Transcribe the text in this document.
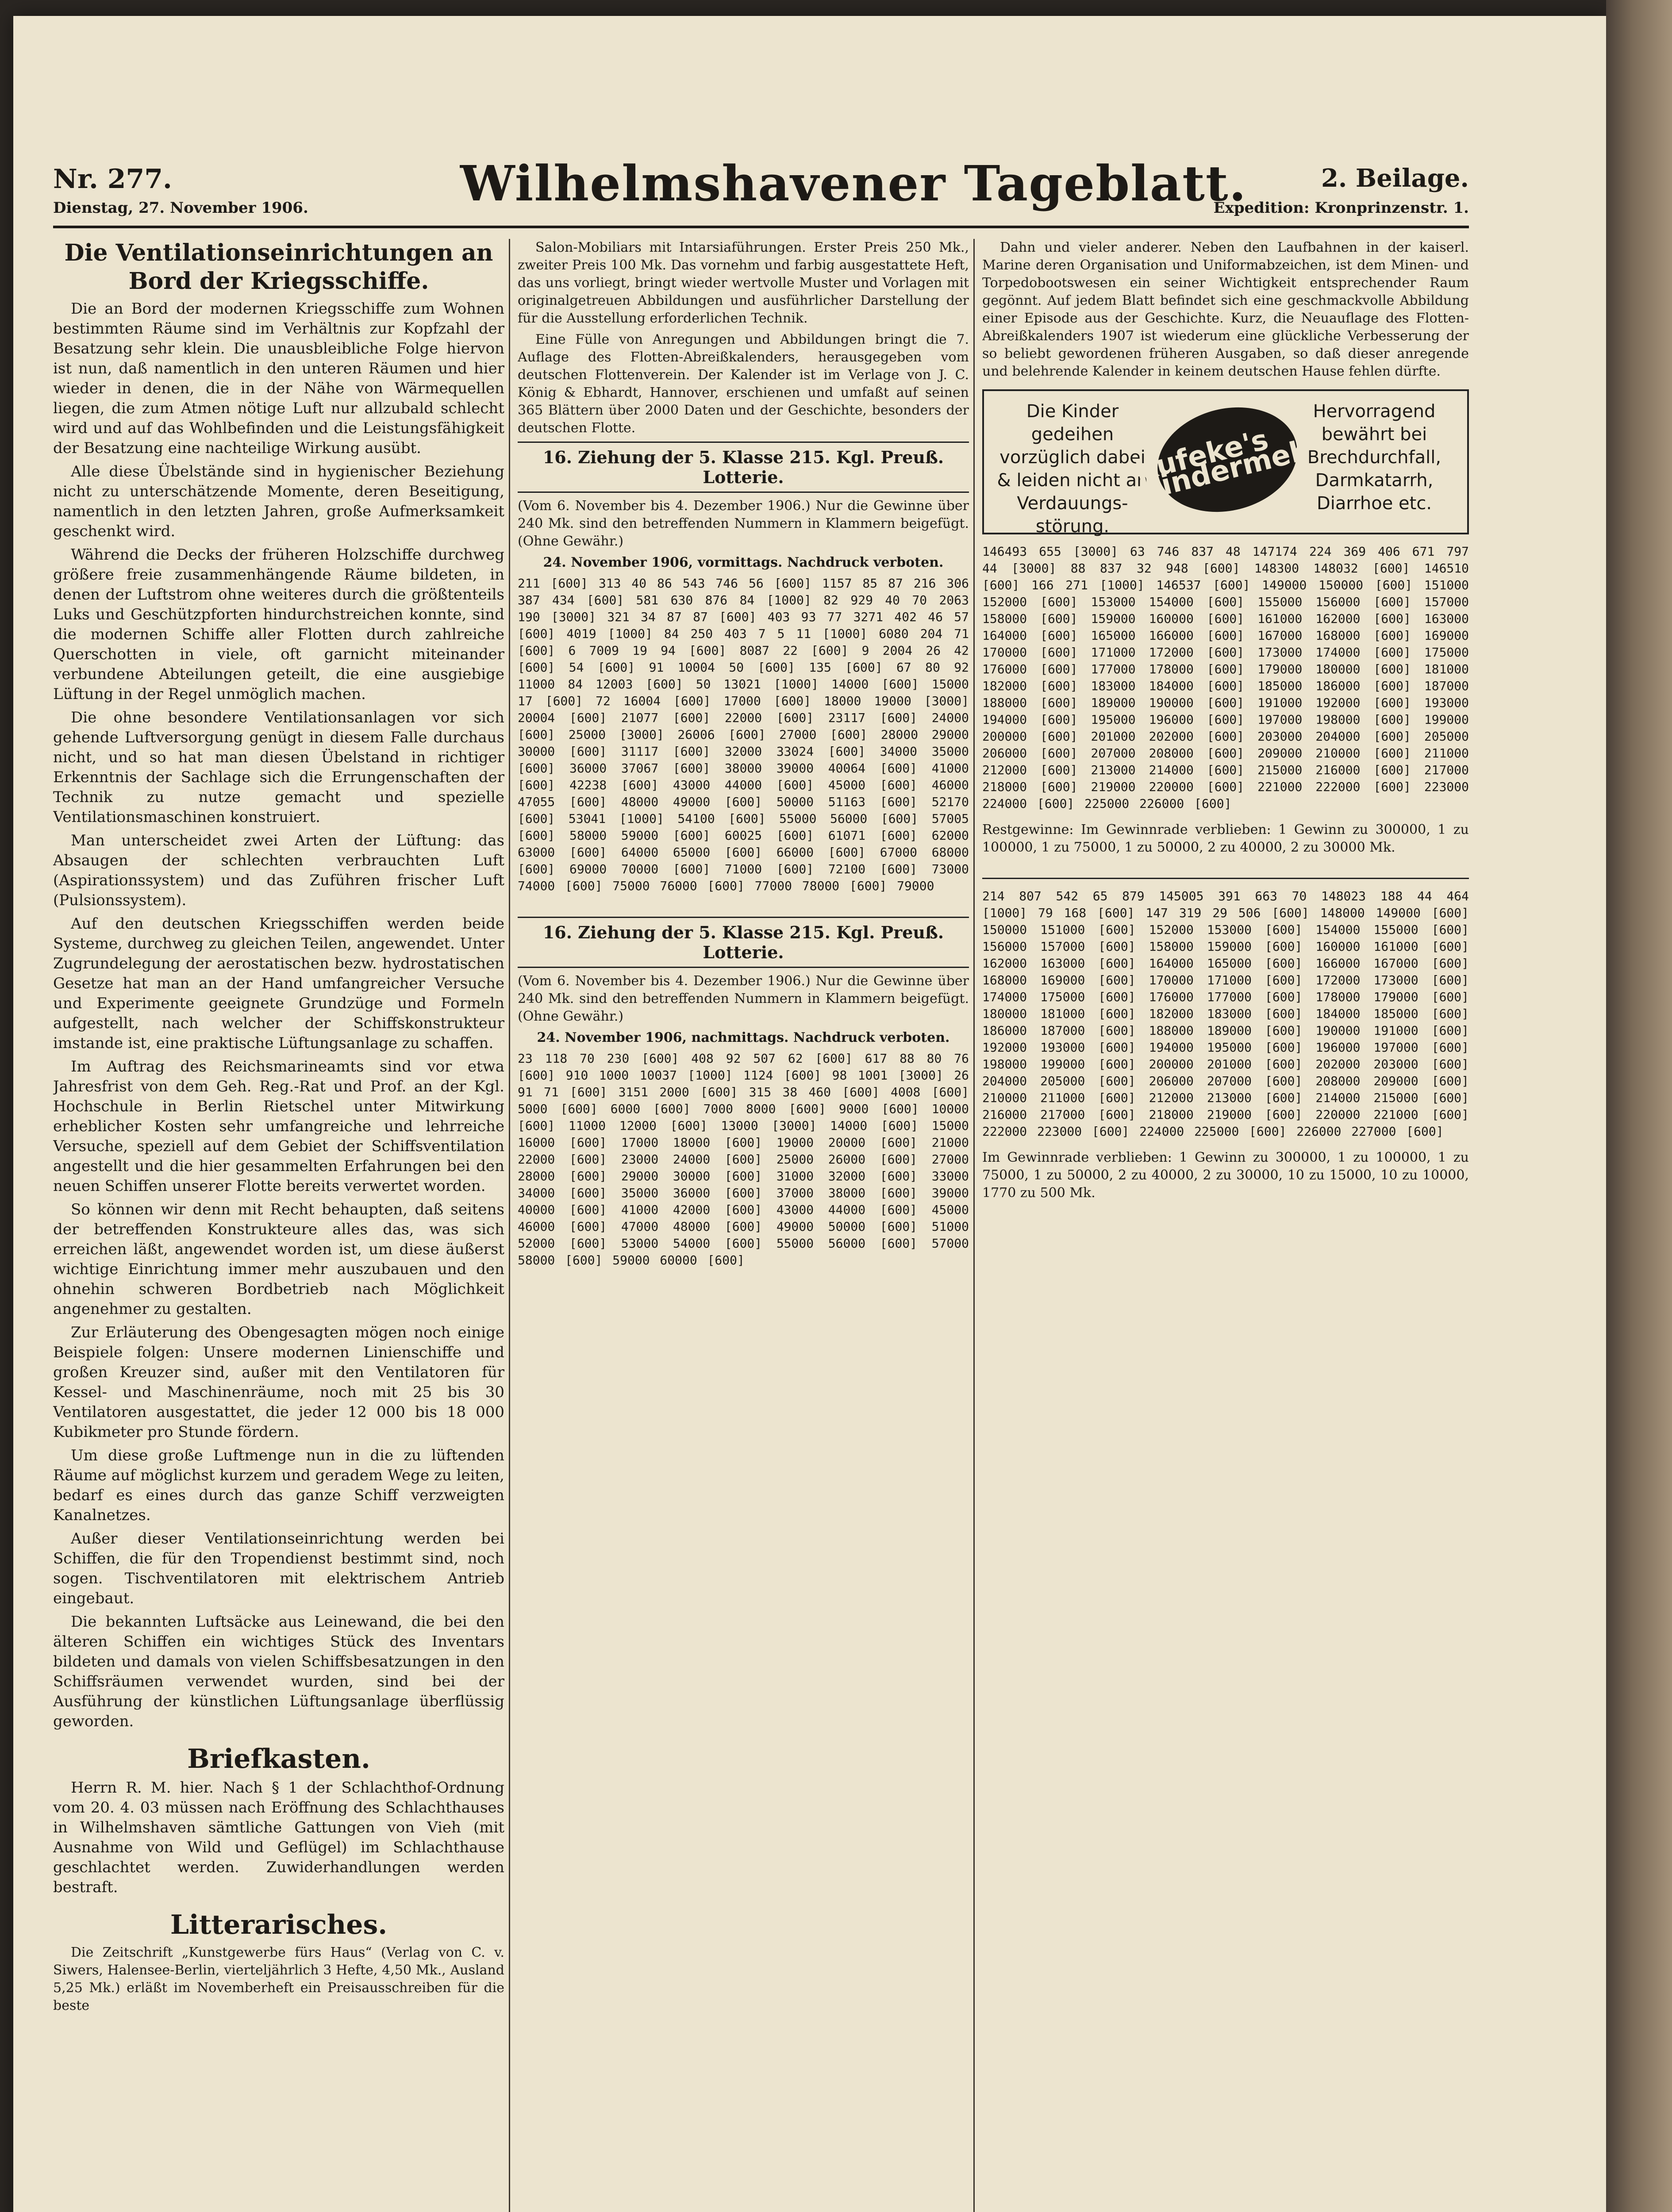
Nr. 277.
Dienstag, 27. November 1906.	Wilhelmshavener Tageblatt.	2. Beilage.
Expedition: Kronprinzenstr. 1.

Die Ventilationseinrichtungen an Bord der Kriegsschiffe.

Die an Bord der modernen Kriegsschiffe zum Wohnen bestimmten Räume sind im Verhältnis zur Kopfzahl der Besatzung sehr klein. Die unausbleibliche Folge hiervon ist nun, daß namentlich in den unteren Räumen und hier wieder in denen, die in der Nähe von Wärmequellen liegen, die zum Atmen nötige Luft nur allzubald schlecht wird und auf das Wohlbefinden und die Leistungsfähigkeit der Besatzung eine nachteilige Wirkung ausübt.

Alle diese Übelstände sind in hygienischer Beziehung nicht zu unterschätzende Momente, deren Beseitigung, namentlich in den letzten Jahren, große Aufmerksamkeit geschenkt wird.

Während die Decks der früheren Holzschiffe durchweg größere freie zusammenhängende Räume bildeten, in denen der Luftstrom ohne weiteres durch die größtenteils Luks und Geschützpforten hindurchstreichen konnte, sind die modernen Schiffe aller Flotten durch zahlreiche Querschotten in viele, oft garnicht miteinander verbundene Abteilungen geteilt, die eine ausgiebige Lüftung in der Regel unmöglich machen.

Die ohne besondere Ventilationsanlagen vor sich gehende Luftversorgung genügt in diesem Falle durchaus nicht, und so hat man diesen Übelstand in richtiger Erkenntnis der Sachlage sich die Errungenschaften der Technik zu nutze gemacht und spezielle Ventilationsmaschinen konstruiert.

Man unterscheidet zwei Arten der Lüftung: das Absaugen der schlechten verbrauchten Luft (Aspirationssystem) und das Zuführen frischer Luft (Pulsionssystem).

Auf den deutschen Kriegsschiffen werden beide Systeme, durchweg zu gleichen Teilen, angewendet. Unter Zugrundelegung der aerostatischen bezw. hydrostatischen Gesetze hat man an der Hand umfangreicher Versuche und Experimente geeignete Grundzüge und Formeln aufgestellt, nach welcher der Schiffskonstrukteur imstande ist, eine praktische Lüftungsanlage zu schaffen.

Im Auftrag des Reichsmarineamts sind vor etwa Jahresfrist von dem Geh. Reg.-Rat und Prof. an der Kgl. Hochschule in Berlin Rietschel unter Mitwirkung erheblicher Kosten sehr umfangreiche und lehrreiche Versuche, speziell auf dem Gebiet der Schiffsventilation angestellt und die hier gesammelten Erfahrungen bei den neuen Schiffen unserer Flotte bereits verwertet worden.

So können wir denn mit Recht behaupten, daß seitens der betreffenden Konstrukteure alles das, was sich erreichen läßt, angewendet worden ist, um diese äußerst wichtige Einrichtung immer mehr auszubauen und den ohnehin schweren Bordbetrieb nach Möglichkeit angenehmer zu gestalten.

Zur Erläuterung des Obengesagten mögen noch einige Beispiele folgen: Unsere modernen Linienschiffe und großen Kreuzer sind, außer mit den Ventilatoren für Kessel- und Maschinenräume, noch mit 25 bis 30 Ventilatoren ausgestattet, die jeder 12 000 bis 18 000 Kubikmeter pro Stunde fördern.

Um diese große Luftmenge nun in die zu lüftenden Räume auf möglichst kurzem und geradem Wege zu leiten, bedarf es eines durch das ganze Schiff verzweigten Kanalnetzes.

Außer dieser Ventilationseinrichtung werden bei Schiffen, die für den Tropendienst bestimmt sind, noch sogen. Tischventilatoren mit elektrischem Antrieb eingebaut.

Die bekannten Luftsäcke aus Leinewand, die bei den älteren Schiffen ein wichtiges Stück des Inventars bildeten und damals von vielen Schiffsbesatzungen in den Schiffsräumen verwendet wurden, sind bei der Ausführung der künstlichen Lüftungsanlage überflüssig geworden.

Briefkasten.

Herrn R. M. hier. Nach § 1 der Schlachthof-Ordnung vom 20. 4. 03 müssen nach Eröffnung des Schlachthauses in Wilhelmshaven sämtliche Gattungen von Vieh (mit Ausnahme von Wild und Geflügel) im Schlachthause geschlachtet werden. Zuwiderhandlungen werden bestraft.

Litterarisches.

Die Zeitschrift „Kunstgewerbe fürs Haus“ (Verlag von C. v. Siwers, Halensee-Berlin, vierteljährlich 3 Hefte, 4,50 Mk., Ausland 5,25 Mk.) erläßt im Novemberheft ein Preisausschreiben für die beste

Salon-Mobiliars mit Intarsiaführungen. Erster Preis 250 Mk., zweiter Preis 100 Mk. Das vornehm und farbig ausgestattete Heft, das uns vorliegt, bringt wieder wertvolle Muster und Vorlagen mit originalgetreuen Abbildungen und ausführlicher Darstellung der für die Ausstellung erforderlichen Technik.

Eine Fülle von Anregungen und Abbildungen bringt die 7. Auflage des Flotten-Abreißkalenders, herausgegeben vom deutschen Flottenverein. Der Kalender ist im Verlage von J. C. König & Ebhardt, Hannover, erschienen und umfaßt auf seinen 365 Blättern über 2000 Daten und der Geschichte, besonders der deutschen Flotte.

16. Ziehung der 5. Klasse 215. Kgl. Preuß. Lotterie.

(Vom 6. November bis 4. Dezember 1906.) Nur die Gewinne über 240 Mk. sind den betreffenden Nummern in Klammern beigefügt. (Ohne Gewähr.)

24. November 1906, vormittags. Nachdruck verboten.

211 [600] 313 40 86 543 746 56 [600] 1157 85 87 216 306 387 434 [600] 581 630 876 84 [1000] 82 929 40 70 2063 190 [3000] 321 34 87 87 [600] 403 93 77 3271 402 46 57 [600] 4019 [1000] 84 250 403 7 5 11 [1000] 6080 204 71 [600] 6 7009 19 94 [600] 8087 22 [600] 9 2004 26 42 [600] 54 [600] 91 10004 50 [600] 135 [600] 67 80 92 11000 84 12003 [600] 50 13021 [1000] 14000 [600] 15000 17 [600] 72 16004 [600] 17000 [600] 18000 19000 [3000] 20004 [600] 21077 [600] 22000 [600] 23117 [600] 24000 [600] 25000 [3000] 26006 [600] 27000 [600] 28000 29000 30000 [600] 31117 [600] 32000 33024 [600] 34000 35000 [600] 36000 37067 [600] 38000 39000 40064 [600] 41000 [600] 42238 [600] 43000 44000 [600] 45000 [600] 46000 47055 [600] 48000 49000 [600] 50000 51163 [600] 52170 [600] 53041 [1000] 54100 [600] 55000 56000 [600] 57005 [600] 58000 59000 [600] 60025 [600] 61071 [600] 62000 63000 [600] 64000 65000 [600] 66000 [600] 67000 68000 [600] 69000 70000 [600] 71000 [600] 72100 [600] 73000 74000 [600] 75000 76000 [600] 77000 78000 [600] 79000
16. Ziehung der 5. Klasse 215. Kgl. Preuß. Lotterie.

(Vom 6. November bis 4. Dezember 1906.) Nur die Gewinne über 240 Mk. sind den betreffenden Nummern in Klammern beigefügt. (Ohne Gewähr.)

24. November 1906, nachmittags. Nachdruck verboten.

23 118 70 230 [600] 408 92 507 62 [600] 617 88 80 76 [600] 910 1000 10037 [1000] 1124 [600] 98 1001 [3000] 26 91 71 [600] 3151 2000 [600] 315 38 460 [600] 4008 [600] 5000 [600] 6000 [600] 7000 8000 [600] 9000 [600] 10000 [600] 11000 12000 [600] 13000 [3000] 14000 [600] 15000 16000 [600] 17000 18000 [600] 19000 20000 [600] 21000 22000 [600] 23000 24000 [600] 25000 26000 [600] 27000 28000 [600] 29000 30000 [600] 31000 32000 [600] 33000 34000 [600] 35000 36000 [600] 37000 38000 [600] 39000 40000 [600] 41000 42000 [600] 43000 44000 [600] 45000 46000 [600] 47000 48000 [600] 49000 50000 [600] 51000 52000 [600] 53000 54000 [600] 55000 56000 [600] 57000 58000 [600] 59000 60000 [600]

Dahn und vieler anderer. Neben den Laufbahnen in der kaiserl. Marine deren Organisation und Uniformabzeichen, ist dem Minen- und Torpedobootswesen ein seiner Wichtigkeit entsprechender Raum gegönnt. Auf jedem Blatt befindet sich eine geschmackvolle Abbildung einer Episode aus der Geschichte. Kurz, die Neuauflage des Flotten-Abreißkalenders 1907 ist wiederum eine glückliche Verbesserung der so beliebt gewordenen früheren Ausgaben, so daß dieser anregende und belehrende Kalender in keinem deutschen Hause fehlen dürfte.

Die Kinder gedeihen vorzüglich dabei & leiden nicht an Verdauungs-störung.
Kufeke's Kindermehl
Hervorragend bewährt bei Brechdurchfall, Darmkatarrh, Diarrhoe etc.
146493 655 [3000] 63 746 837 48 147174 224 369 406 671 797 44 [3000] 88 837 32 948 [600] 148300 148032 [600] 146510 [600] 166 271 [1000] 146537 [600] 149000 150000 [600] 151000 152000 [600] 153000 154000 [600] 155000 156000 [600] 157000 158000 [600] 159000 160000 [600] 161000 162000 [600] 163000 164000 [600] 165000 166000 [600] 167000 168000 [600] 169000 170000 [600] 171000 172000 [600] 173000 174000 [600] 175000 176000 [600] 177000 178000 [600] 179000 180000 [600] 181000 182000 [600] 183000 184000 [600] 185000 186000 [600] 187000 188000 [600] 189000 190000 [600] 191000 192000 [600] 193000 194000 [600] 195000 196000 [600] 197000 198000 [600] 199000 200000 [600] 201000 202000 [600] 203000 204000 [600] 205000 206000 [600] 207000 208000 [600] 209000 210000 [600] 211000 212000 [600] 213000 214000 [600] 215000 216000 [600] 217000 218000 [600] 219000 220000 [600] 221000 222000 [600] 223000 224000 [600] 225000 226000 [600]

Restgewinne: Im Gewinnrade verblieben: 1 Gewinn zu 300000, 1 zu 100000, 1 zu 75000, 1 zu 50000, 2 zu 40000, 2 zu 30000 Mk.

214 807 542 65 879 145005 391 663 70 148023 188 44 464 [1000] 79 168 [600] 147 319 29 506 [600] 148000 149000 [600] 150000 151000 [600] 152000 153000 [600] 154000 155000 [600] 156000 157000 [600] 158000 159000 [600] 160000 161000 [600] 162000 163000 [600] 164000 165000 [600] 166000 167000 [600] 168000 169000 [600] 170000 171000 [600] 172000 173000 [600] 174000 175000 [600] 176000 177000 [600] 178000 179000 [600] 180000 181000 [600] 182000 183000 [600] 184000 185000 [600] 186000 187000 [600] 188000 189000 [600] 190000 191000 [600] 192000 193000 [600] 194000 195000 [600] 196000 197000 [600] 198000 199000 [600] 200000 201000 [600] 202000 203000 [600] 204000 205000 [600] 206000 207000 [600] 208000 209000 [600] 210000 211000 [600] 212000 213000 [600] 214000 215000 [600] 216000 217000 [600] 218000 219000 [600] 220000 221000 [600] 222000 223000 [600] 224000 225000 [600] 226000 227000 [600]

Im Gewinnrade verblieben: 1 Gewinn zu 300000, 1 zu 100000, 1 zu 75000, 1 zu 50000, 2 zu 40000, 2 zu 30000, 10 zu 15000, 10 zu 10000, 1770 zu 500 Mk.
